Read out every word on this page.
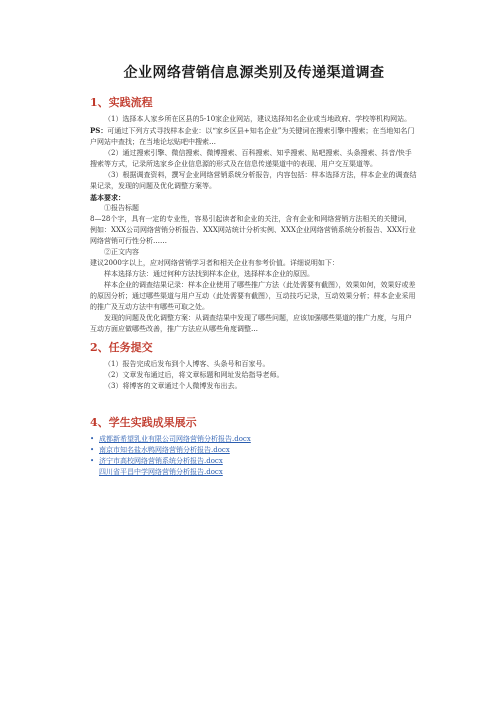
企业网络营销信息源类别及传递渠道调查
1、实践流程

（1）选择本人家乡所在区县的5-10家企业网站，建议选择知名企业或当地政府、学校等机构网站。

PS：可通过下列方式寻找样本企业：以“家乡区县+知名企业”为关键词在搜索引擎中搜索；在当地知名门户网站中查找；在当地论坛贴吧中搜索…

（2）通过搜索引擎、微信搜索、微博搜索、百科搜索、知乎搜索、贴吧搜索、头条搜索、抖音/快手搜索等方式，记录所选家乡企业信息源的形式及在信息传递渠道中的表现、用户交互渠道等。

（3）根据调查资料，撰写企业网络营销系统分析报告，内容包括：样本选择方法，样本企业的调查结果记录，发现的问题及优化调整方案等。

基本要求：

①报告标题

8—28个字，具有一定的专业性，容易引起读者和企业的关注，含有企业和网络营销方法相关的关键词，例如：XXX公司网络营销分析报告、XXX网站统计分析实例、XXX企业网络营销系统分析报告、XXX行业网络营销可行性分析……

②正文内容

建议2000字以上，应对网络营销学习者和相关企业有参考价值。详细说明如下：

样本选择方法：通过何种方法找到样本企业，选择样本企业的原因。

样本企业的调查结果记录：样本企业使用了哪些推广方法（此处需要有截图），效果如何，效果好或差的原因分析；通过哪些渠道与用户互动（此处需要有截图），互动技巧记录，互动效果分析；样本企业采用的推广及互动方法中有哪些可取之处。

发现的问题及优化调整方案：从调查结果中发现了哪些问题，应该加强哪些渠道的推广力度，与用户互动方面应做哪些改善，推广方法应从哪些角度调整…

2、任务提交

（1）报告完成后发布到个人博客、头条号和百家号。

（2）文章发布通过后，将文章标题和网址发给指导老师。

（3）将博客的文章通过个人微博发布出去。

4、学生实践成果展示
• 成都新希望乳业有限公司网络营销分析报告.docx
• 南京市知名盐水鸭网络营销分析报告.docx
• 济宁市高校网络营销系统分析报告.docx
四川省平昌中学网络营销分析报告.docx
